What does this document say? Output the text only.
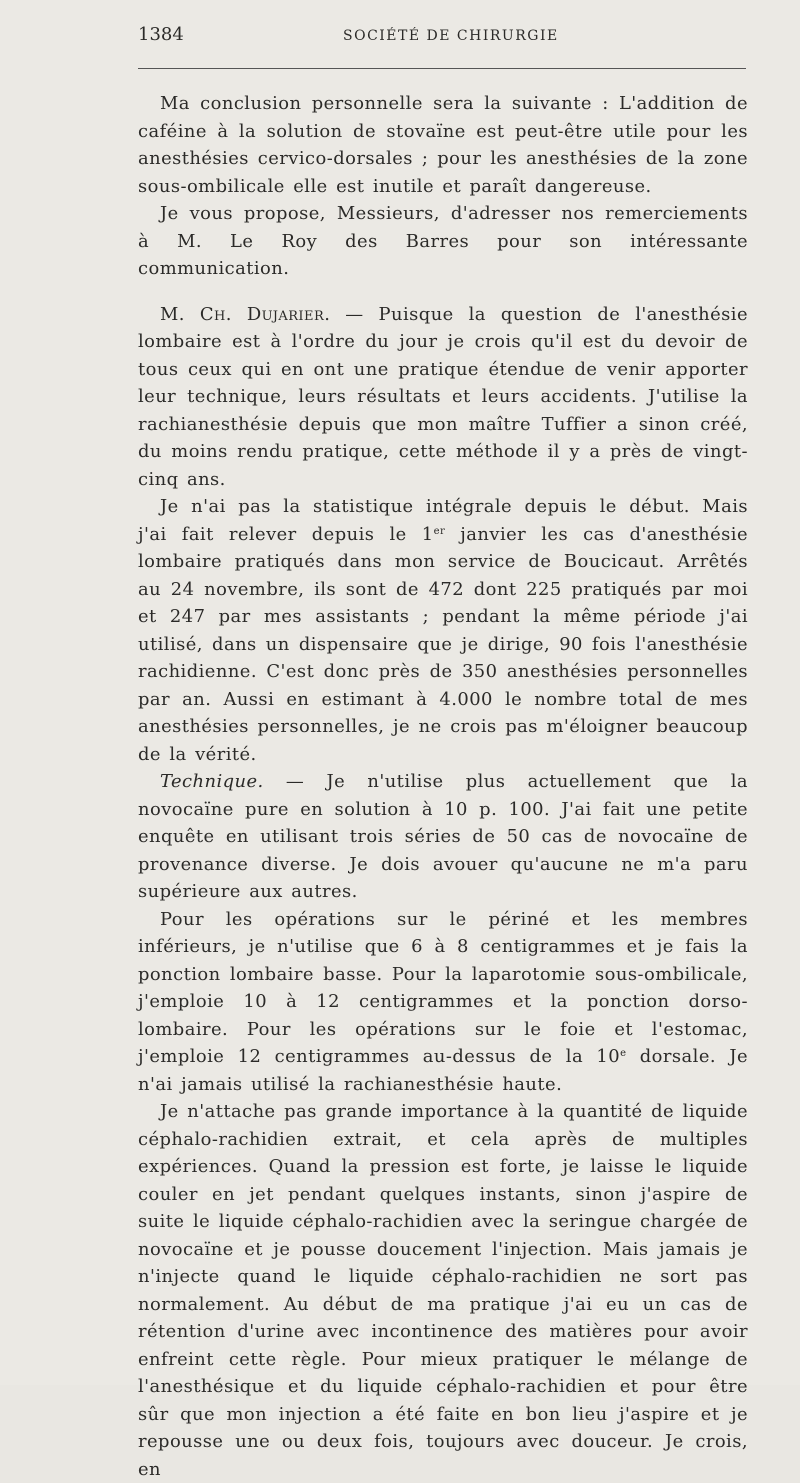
1384	SOCIÉTÉ DE CHIRURGIE

Ma conclusion personnelle sera la suivante : L'addition de caféine à la solution de stovaïne est peut-être utile pour les anesthésies cervico-dorsales ; pour les anesthésies de la zone sous-ombilicale elle est inutile et paraît dangereuse.

Je vous propose, Messieurs, d'adresser nos remerciements à M. Le Roy des Barres pour son intéressante communication.

M. Ch. Dujarier. — Puisque la question de l'anesthésie lombaire est à l'ordre du jour je crois qu'il est du devoir de tous ceux qui en ont une pratique étendue de venir apporter leur technique, leurs résultats et leurs accidents. J'utilise la rachianesthésie depuis que mon maître Tuffier a sinon créé, du moins rendu pratique, cette méthode il y a près de vingt-cinq ans.

Je n'ai pas la statistique intégrale depuis le début. Mais j'ai fait relever depuis le 1er janvier les cas d'anesthésie lombaire pratiqués dans mon service de Boucicaut. Arrêtés au 24 novembre, ils sont de 472 dont 225 pratiqués par moi et 247 par mes assistants ; pendant la même période j'ai utilisé, dans un dispensaire que je dirige, 90 fois l'anesthésie rachidienne. C'est donc près de 350 anesthésies personnelles par an. Aussi en estimant à 4.000 le nombre total de mes anesthésies personnelles, je ne crois pas m'éloigner beaucoup de la vérité.

Technique. — Je n'utilise plus actuellement que la novocaïne pure en solution à 10 p. 100. J'ai fait une petite enquête en utilisant trois séries de 50 cas de novocaïne de provenance diverse. Je dois avouer qu'aucune ne m'a paru supérieure aux autres.

Pour les opérations sur le périné et les membres inférieurs, je n'utilise que 6 à 8 centigrammes et je fais la ponction lombaire basse. Pour la laparotomie sous-ombilicale, j'emploie 10 à 12 centigrammes et la ponction dorso-lombaire. Pour les opérations sur le foie et l'estomac, j'emploie 12 centigrammes au-dessus de la 10e dorsale. Je n'ai jamais utilisé la rachianesthésie haute.

Je n'attache pas grande importance à la quantité de liquide céphalo-rachidien extrait, et cela après de multiples expériences. Quand la pression est forte, je laisse le liquide couler en jet pendant quelques instants, sinon j'aspire de suite le liquide céphalo-rachidien avec la seringue chargée de novocaïne et je pousse doucement l'injection. Mais jamais je n'injecte quand le liquide céphalo-rachidien ne sort pas normalement. Au début de ma pratique j'ai eu un cas de rétention d'urine avec incontinence des matières pour avoir enfreint cette règle. Pour mieux pratiquer le mélange de l'anesthésique et du liquide céphalo-rachidien et pour être sûr que mon injection a été faite en bon lieu j'aspire et je repousse une ou deux fois, toujours avec douceur. Je crois, en
